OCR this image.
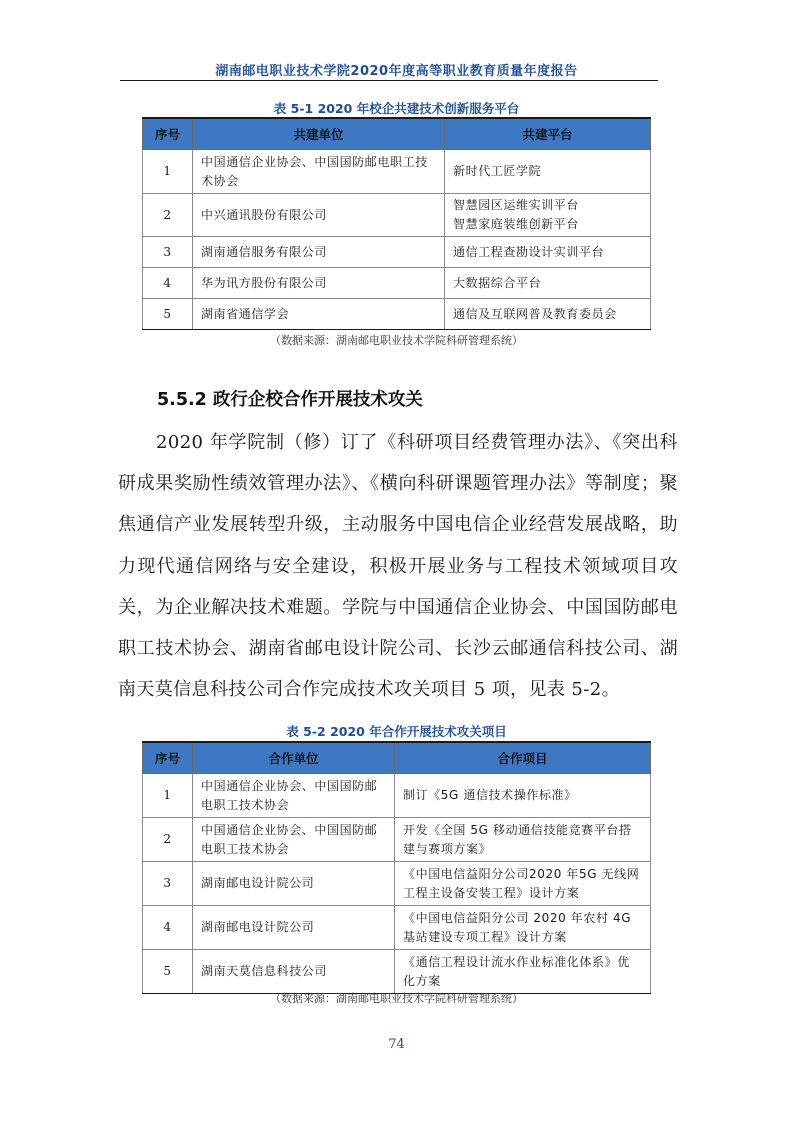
湖南邮电职业技术学院2020年度高等职业教育质量年度报告
表 5-1 2020 年校企共建技术创新服务平台
序号	共建单位	共建平台
1	中国通信企业协会、中国国防邮电职工技术协会	新时代工匠学院
2	中兴通讯股份有限公司	智慧园区运维实训平台
智慧家庭装维创新平台
3	湖南通信服务有限公司	通信工程查勘设计实训平台
4	华为讯方股份有限公司	大数据综合平台
5	湖南省通信学会	通信及互联网普及教育委员会
（数据来源：湖南邮电职业技术学院科研管理系统）
5.5.2 政行企校合作开展技术攻关

2020 年学院制（修）订了《科研项目经费管理办法》、《突出科研成果奖励性绩效管理办法》、《横向科研课题管理办法》等制度；聚焦通信产业发展转型升级，主动服务中国电信企业经营发展战略，助力现代通信网络与安全建设，积极开展业务与工程技术领域项目攻关，为企业解决技术难题。学院与中国通信企业协会、中国国防邮电职工技术协会、湖南省邮电设计院公司、长沙云邮通信科技公司、湖南天莫信息科技公司合作完成技术攻关项目 5 项，见表 5-2。

表 5-2 2020 年合作开展技术攻关项目
序号	合作单位	合作项目
1	中国通信企业协会、中国国防邮电职工技术协会	制订《5G 通信技术操作标准》
2	中国通信企业协会、中国国防邮电职工技术协会	开发《全国 5G 移动通信技能竞赛平台搭建与赛项方案》
3	湖南邮电设计院公司	《中国电信益阳分公司2020 年5G 无线网工程主设备安装工程》设计方案
4	湖南邮电设计院公司	《中国电信益阳分公司 2020 年农村 4G 基站建设专项工程》设计方案
5	湖南天莫信息科技公司	《通信工程设计流水作业标准化体系》优化方案
（数据来源：湖南邮电职业技术学院科研管理系统）
74
